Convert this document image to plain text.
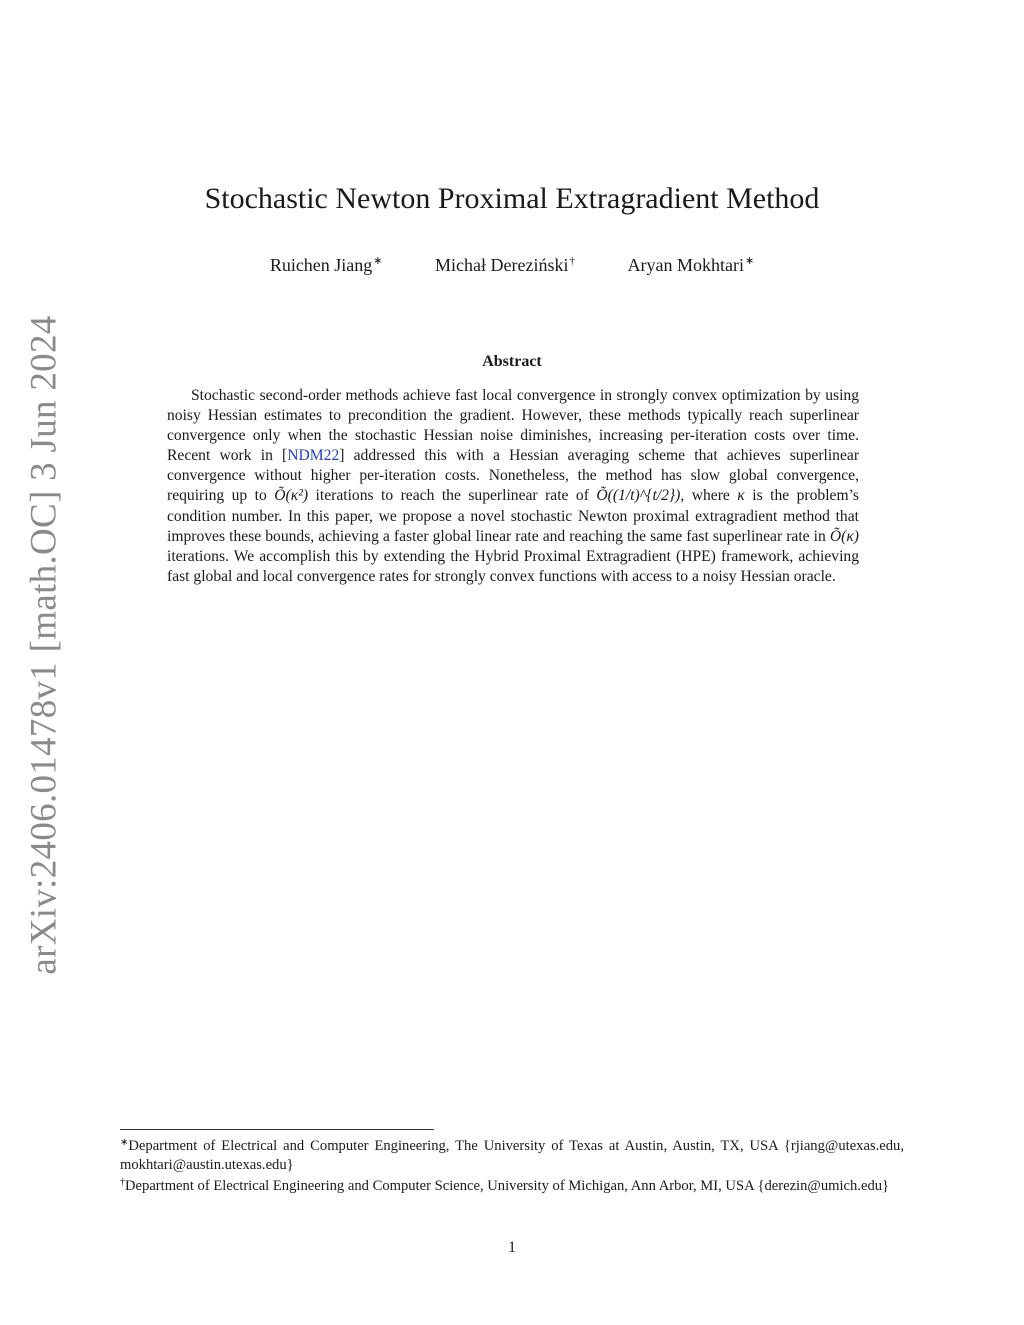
arXiv:2406.01478v1 [math.OC] 3 Jun 2024
Stochastic Newton Proximal Extragradient Method
Ruichen Jiang∗	Michał Dereziński†	Aryan Mokhtari∗
Abstract

Stochastic second-order methods achieve fast local convergence in strongly convex optimization by using noisy Hessian estimates to precondition the gradient. However, these methods typically reach superlinear convergence only when the stochastic Hessian noise diminishes, increasing per-iteration costs over time. Recent work in [NDM22] addressed this with a Hessian averaging scheme that achieves superlinear convergence without higher per-iteration costs. Nonetheless, the method has slow global convergence, requiring up to Õ(κ²) iterations to reach the superlinear rate of Õ((1/t)^{t/2}), where κ is the problem’s condition number. In this paper, we propose a novel stochastic Newton proximal extragradient method that improves these bounds, achieving a faster global linear rate and reaching the same fast superlinear rate in Õ(κ) iterations. We accomplish this by extending the Hybrid Proximal Extragradient (HPE) framework, achieving fast global and local convergence rates for strongly convex functions with access to a noisy Hessian oracle.

∗Department of Electrical and Computer Engineering, The University of Texas at Austin, Austin, TX, USA {rjiang@utexas.edu, mokhtari@austin.utexas.edu}

†Department of Electrical Engineering and Computer Science, University of Michigan, Ann Arbor, MI, USA {derezin@umich.edu}

1
